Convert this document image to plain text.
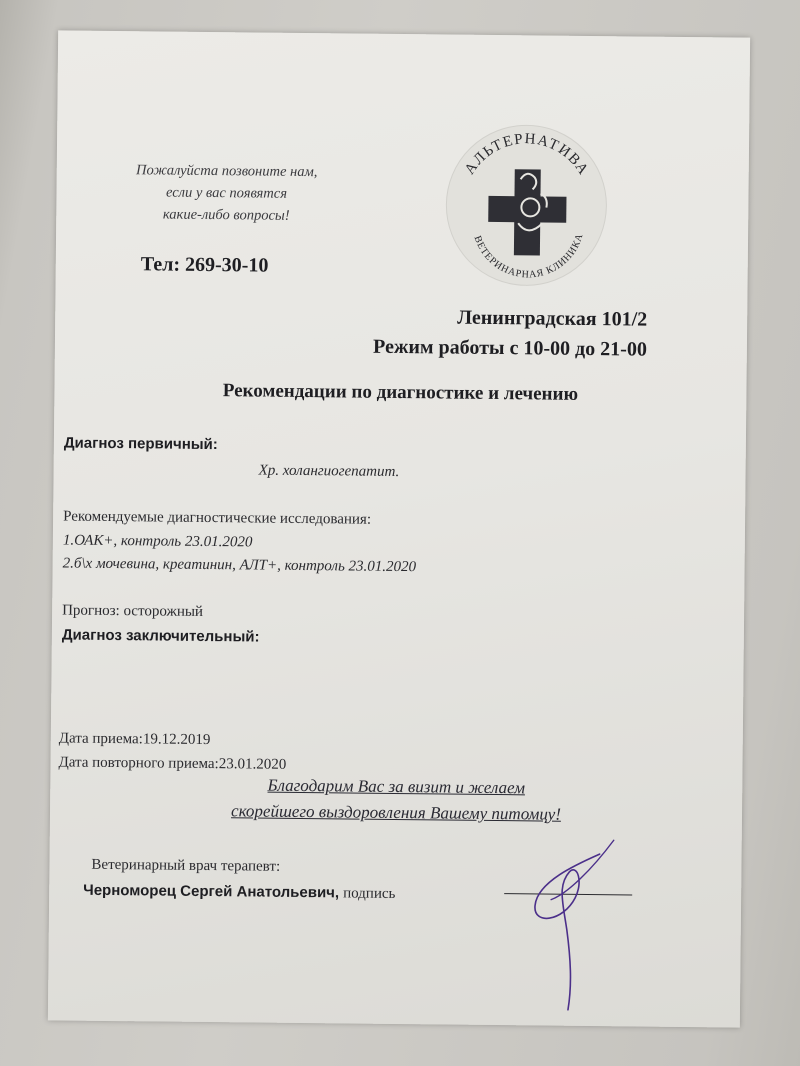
Пожалуйста позвоните нам,
если у вас появятся
какие-либо вопросы!
Тел: 269-30-10
АЛЬТЕРНАТИВА
ВЕТЕРИНАРНАЯ КЛИНИКА
Ленинградская 101/2
Режим работы с 10-00 до 21-00
Рекомендации по диагностике и лечению
Диагноз первичный:
Хр. холангиогепатит.
Рекомендуемые диагностические исследования:
1.ОАК+, контроль 23.01.2020
2.б\х мочевина, креатинин, АЛТ+, контроль 23.01.2020
Прогноз: осторожный
Диагноз заключительный:
Дата приема:19.12.2019
Дата повторного приема:23.01.2020
Благодарим Вас за визит и желаем
скорейшего выздоровления Вашему питомцу!
Ветеринарный врач терапевт:
Черноморец Сергей Анатольевич, подпись
